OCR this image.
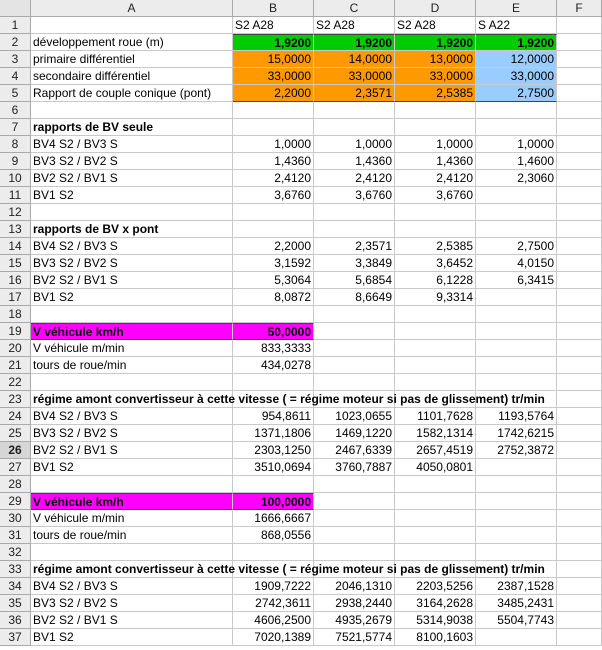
A	B	C	D	E	F
1	S2 A28	S2 A28	S2 A28	S A22
2	développement roue (m)	1,9200	1,9200	1,9200	1,9200
3	primaire différentiel	15,0000	14,0000	13,0000	12,0000
4	secondaire différentiel	33,0000	33,0000	33,0000	33,0000
5	Rapport de couple conique (pont)	2,2000	2,3571	2,5385	2,7500
6
7	rapports de BV seule
8	BV4 S2 / BV3 S	1,0000	1,0000	1,0000	1,0000
9	BV3 S2 / BV2 S	1,4360	1,4360	1,4360	1,4600
10 BV2 S2 / BV1 S	2,4120	2,4120	2,4120	2,3060
11 BV1 S2	3,6760	3,6760	3,6760
12
13 rapports de BV x pont
14 BV4 S2 / BV3 S	2,2000	2,3571	2,5385	2,7500
15 BV3 S2 / BV2 S	3,1592	3,3849	3,6452	4,0150
16 BV2 S2 / BV1 S	5,3064	5,6854	6,1228	6,3415
17 BV1 S2	8,0872	8,6649	9,3314
18
19 V véhicule km/h	50,0000
20 V véhicule m/min	833,3333
21 tours de roue/min	434,0278
22
23 régime amont convertisseur à cette vitesse ( = régime moteur si pas de glissement) tr/min
24 BV4 S2 / BV3 S	954,8611	1023,0655	1101,7628	1193,5764
25 BV3 S2 / BV2 S	1371,1806	1469,1220	1582,1314	1742,6215
26 BV2 S2 / BV1 S	2303,1250	2467,6339	2657,4519	2752,3872
27 BV1 S2	3510,0694	3760,7887	4050,0801
28
29 V véhicule km/h	100,0000
30 V véhicule m/min	1666,6667
31 tours de roue/min	868,0556
32
33 régime amont convertisseur à cette vitesse ( = régime moteur si pas de glissement) tr/min
34 BV4 S2 / BV3 S	1909,7222	2046,1310	2203,5256	2387,1528
35 BV3 S2 / BV2 S	2742,3611	2938,2440	3164,2628	3485,2431
36 BV2 S2 / BV1 S	4606,2500	4935,2679	5314,9038	5504,7743
37 BV1 S2	7020,1389	7521,5774	8100,1603
